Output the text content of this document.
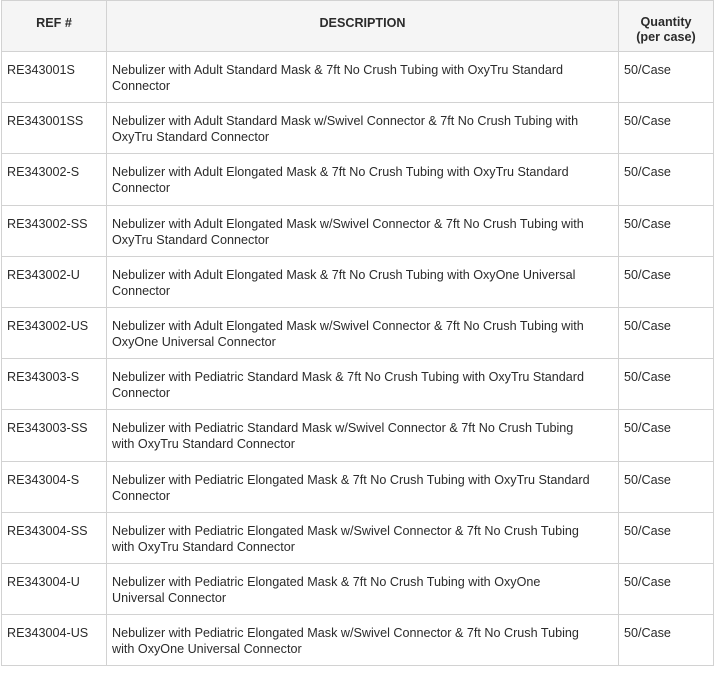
REF #	DESCRIPTION	Quantity
(per case)

RE343001S	Nebulizer with Adult Standard Mask & 7ft No Crush Tubing with OxyTru Standard
Connector	50/Case
RE343001SS	Nebulizer with Adult Standard Mask w/Swivel Connector & 7ft No Crush Tubing with
OxyTru Standard Connector	50/Case
RE343002-S	Nebulizer with Adult Elongated Mask & 7ft No Crush Tubing with OxyTru Standard
Connector	50/Case
RE343002-SS	Nebulizer with Adult Elongated Mask w/Swivel Connector & 7ft No Crush Tubing with
OxyTru Standard Connector	50/Case
RE343002-U	Nebulizer with Adult Elongated Mask & 7ft No Crush Tubing with OxyOne Universal
Connector	50/Case
RE343002-US	Nebulizer with Adult Elongated Mask w/Swivel Connector & 7ft No Crush Tubing with
OxyOne Universal Connector	50/Case
RE343003-S	Nebulizer with Pediatric Standard Mask & 7ft No Crush Tubing with OxyTru Standard
Connector	50/Case
RE343003-SS	Nebulizer with Pediatric Standard Mask w/Swivel Connector & 7ft No Crush Tubing
with OxyTru Standard Connector	50/Case
RE343004-S	Nebulizer with Pediatric Elongated Mask & 7ft No Crush Tubing with OxyTru Standard
Connector	50/Case
RE343004-SS	Nebulizer with Pediatric Elongated Mask w/Swivel Connector & 7ft No Crush Tubing
with OxyTru Standard Connector	50/Case
RE343004-U	Nebulizer with Pediatric Elongated Mask & 7ft No Crush Tubing with OxyOne
Universal Connector	50/Case
RE343004-US	Nebulizer with Pediatric Elongated Mask w/Swivel Connector & 7ft No Crush Tubing
with OxyOne Universal Connector	50/Case
